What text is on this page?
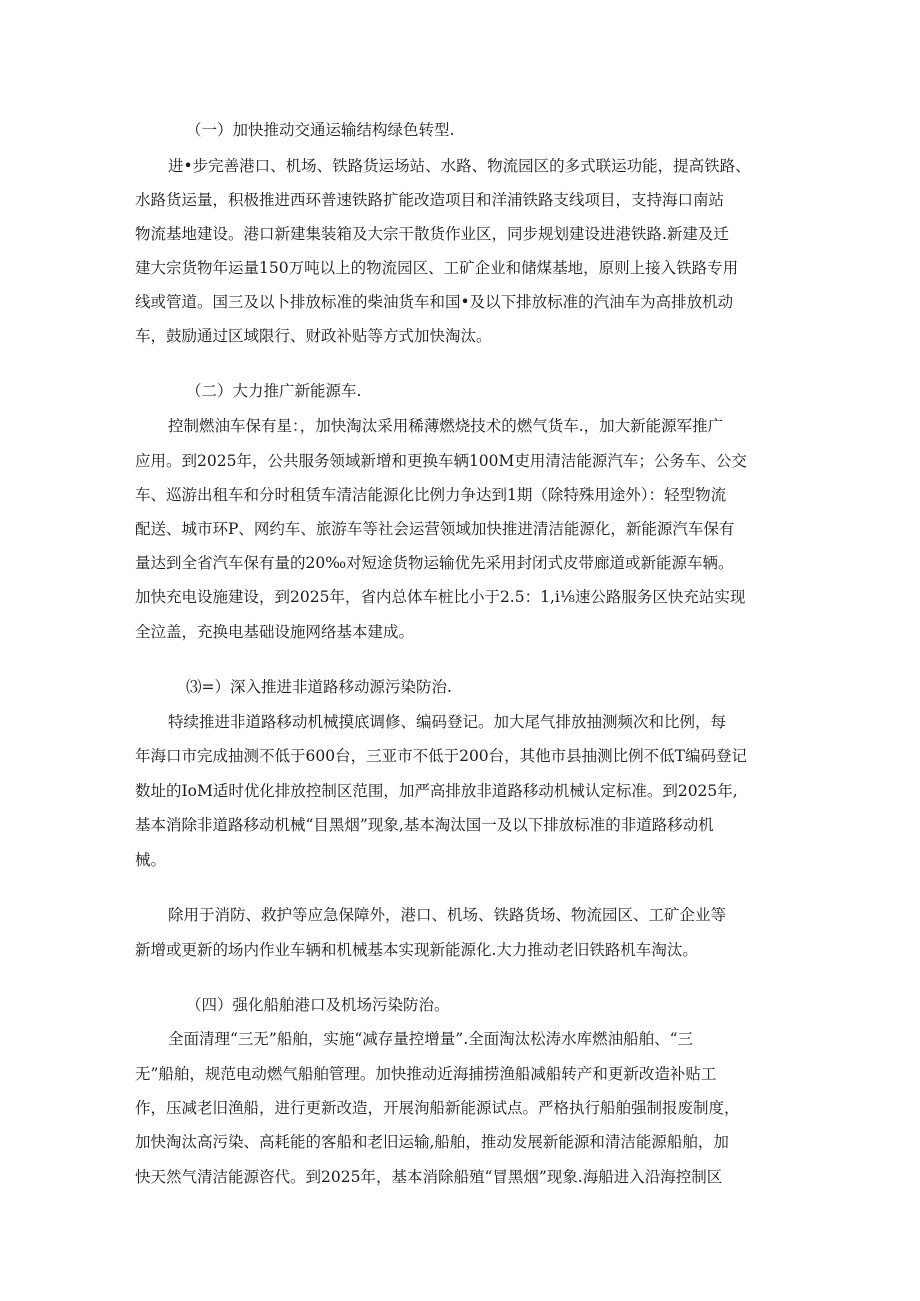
（一）加快推动交通运输结构绿色转型.
进•步完善港口、机场、铁路货运场站、水路、物流园区的多式联运功能，提高铁路、
水路货运量，积极推进西环普速铁路扩能改造项目和洋浦铁路支线项目，支持海口南站
物流基地建设。港口新建集装箱及大宗干散货作业区，同步规划建设进港铁路.新建及迁
建大宗货物年运量150万吨以上的物流园区、工矿企业和储煤基地，原则上接入铁路专用
线或管道。国三及以卜排放标准的柴油货车和国•及以下排放标准的汽油车为高排放机动
车，鼓励通过区域限行、财政补贴等方式加快淘汰。
（二）大力推广新能源车.
控制燃油车保有星：，加快淘汰采用稀薄燃烧技术的燃气货车.，加大新能源军推广
应用。到2025年，公共服务领域新增和更换车辆100M吏用清洁能源汽车；公务车、公交
车、巡游出租车和分时租赁车清洁能源化比例力争达到1期（除特殊用途外）：轻型物流
配送、城市环P、网约车、旅游车等社会运营领域加快推进清洁能源化，新能源汽车保有
量达到全省汽车保有量的20‰对短途货物运输优先采用封闭式皮带廊道或新能源车辆。
加快充电设施建设，到2025年，省内总体车桩比小于2.5：1,i⅛速公路服务区快充站实现
全泣盖，充换电基础设施网络基本建成。
⑶=）深入推进非道路移动源污染防治.
特续推进非道路移动机械摸底调修、编码登记。加大尾气排放抽测频次和比例，每
年海口市完成抽测不低于600台，三亚市不低于200台，其他市县抽测比例不低T编码登记
数址的IoM适时优化排放控制区范围，加严高排放非道路移动机械认定标准。到2025年,
基本消除非道路移动机械“目黑烟”现象,基本淘汰国一及以下排放标准的非道路移动机
械。
除用于消防、救护等应急保障外，港口、机场、铁路货场、物流园区、工矿企业等
新增或更新的场内作业车辆和机械基本实现新能源化.大力推动老旧铁路机车淘汰。
（四）强化船舶港口及机场污染防治。
全面清理“三无”船舶，实施“减存量控增量”.全面淘汰松涛水库燃油船舶、“三
无”船舶，规范电动燃气船舶管理。加快推动近海捕捞渔船减船转产和更新改造补贴工
作，压减老旧渔船，进行更新改造，开展洵船新能源试点。严格执行船舶强制报废制度，
加快淘汰高污染、高耗能的客船和老旧运输,船舶，推动发展新能源和清洁能源船舶，加
快天然气清洁能源咨代。到2025年，基本消除船殖“冒黑烟”现象.海船进入沿海控制区
